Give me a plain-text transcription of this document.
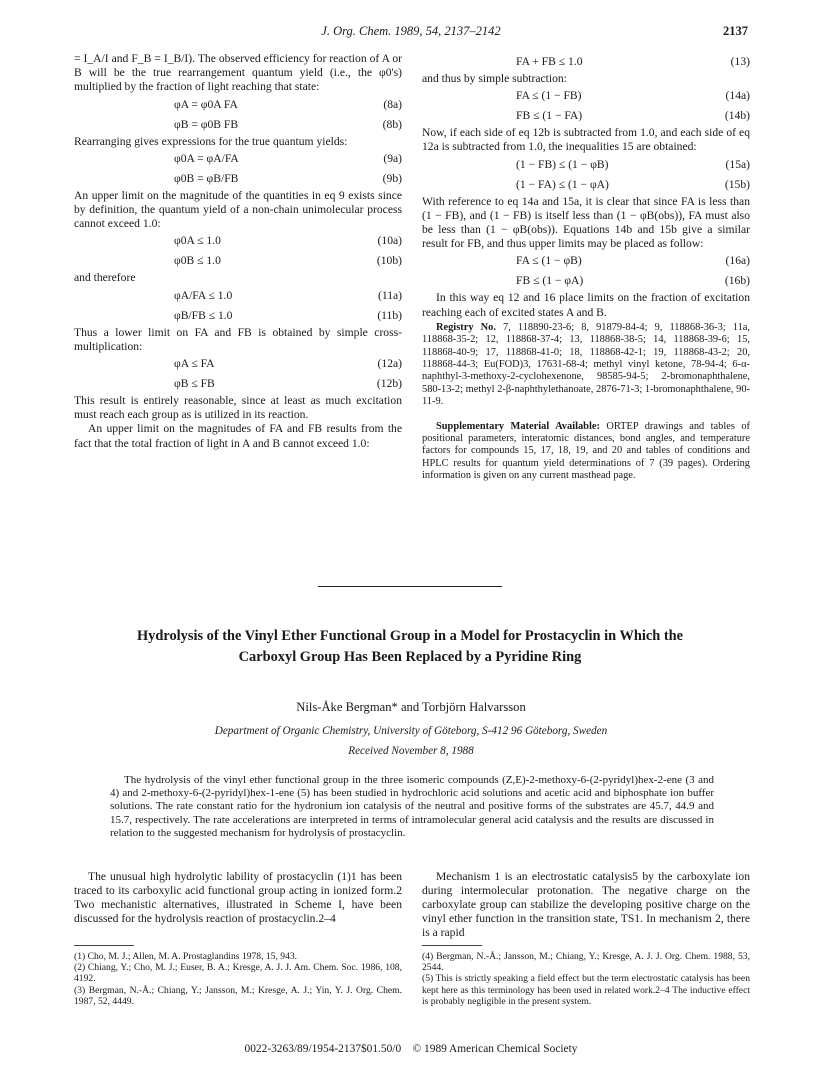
J. Org. Chem. 1989, 54, 2137–2142	2137

= I_A/I and F_B = I_B/I). The observed efficiency for reaction of A or B will be the true rearrangement quantum yield (i.e., the φ0's) multiplied by the fraction of light reaching that state:

φA = φ0A FA	(8a)
φB = φ0B FB	(8b)

Rearranging gives expressions for the true quantum yields:

φ0A = φA/FA	(9a)
φ0B = φB/FB	(9b)

An upper limit on the magnitude of the quantities in eq 9 exists since by definition, the quantum yield of a non-chain unimolecular process cannot exceed 1.0:

φ0A ≤ 1.0	(10a)
φ0B ≤ 1.0	(10b)

and therefore

φA/FA ≤ 1.0	(11a)
φB/FB ≤ 1.0	(11b)

Thus a lower limit on FA and FB is obtained by simple cross-multiplication:

φA ≤ FA	(12a)
φB ≤ FB	(12b)

This result is entirely reasonable, since at least as much excitation must reach each group as is utilized in its reaction.

An upper limit on the magnitudes of FA and FB results from the fact that the total fraction of light in A and B cannot exceed 1.0:

FA + FB ≤ 1.0	(13)

and thus by simple subtraction:

FA ≤ (1 − FB)	(14a)
FB ≤ (1 − FA)	(14b)

Now, if each side of eq 12b is subtracted from 1.0, and each side of eq 12a is subtracted from 1.0, the inequalities 15 are obtained:

(1 − FB) ≤ (1 − φB)	(15a)
(1 − FA) ≤ (1 − φA)	(15b)

With reference to eq 14a and 15a, it is clear that since FA is less than (1 − FB), and (1 − FB) is itself less than (1 − φB(obs)), FA must also be less than (1 − φB(obs)). Equations 14b and 15b give a similar result for FB, and thus upper limits may be placed as follow:

FA ≤ (1 − φB)	(16a)
FB ≤ (1 − φA)	(16b)

In this way eq 12 and 16 place limits on the fraction of excitation reaching each of excited states A and B.

Registry No. 7, 118890-23-6; 8, 91879-84-4; 9, 118868-36-3; 11a, 118868-35-2; 12, 118868-37-4; 13, 118868-38-5; 14, 118868-39-6; 15, 118868-40-9; 17, 118868-41-0; 18, 118868-42-1; 19, 118868-43-2; 20, 118868-44-3; Eu(FOD)3, 17631-68-4; methyl vinyl ketone, 78-94-4; 6-α-naphthyl-3-methoxy-2-cyclohexenone, 98585-94-5; 2-bromonaphthalene, 580-13-2; methyl 2-β-naphthylethanoate, 2876-71-3; 1-bromonaphthalene, 90-11-9.

Supplementary Material Available: ORTEP drawings and tables of positional parameters, interatomic distances, bond angles, and temperature factors for compounds 15, 17, 18, 19, and 20 and tables of conditions and HPLC results for quantum yield determinations of 7 (39 pages). Ordering information is given on any current masthead page.

Hydrolysis of the Vinyl Ether Functional Group in a Model for Prostacyclin in Which the Carboxyl Group Has Been Replaced by a Pyridine Ring
Nils-Åke Bergman* and Torbjörn Halvarsson
Department of Organic Chemistry, University of Göteborg, S-412 96 Göteborg, Sweden
Received November 8, 1988
The hydrolysis of the vinyl ether functional group in the three isomeric compounds (Z,E)-2-methoxy-6-(2-pyridyl)hex-2-ene (3 and 4) and 2-methoxy-6-(2-pyridyl)hex-1-ene (5) has been studied in hydrochloric acid solutions and acetic acid and biphosphate ion buffer solutions. The rate constant ratio for the hydronium ion catalysis of the neutral and positive forms of the substrates are 45.7, 44.9 and 15.7, respectively. The rate accelerations are interpreted in terms of intramolecular general acid catalysis and the results are discussed in relation to the suggested mechanism for hydrolysis of prostacyclin.

The unusual high hydrolytic lability of prostacyclin (1)1 has been traced to its carboxylic acid functional group acting in ionized form.2 Two mechanistic alternatives, illustrated in Scheme I, have been discussed for the hydrolysis reaction of prostacyclin.2–4

Mechanism 1 is an electrostatic catalysis5 by the carboxylate ion during intermolecular protonation. The negative charge on the carboxylate group can stabilize the developing positive charge on the vinyl ether function in the transition state, TS1. In mechanism 2, there is a rapid

(1) Cho, M. J.; Allen, M. A. Prostaglandins 1978, 15, 943.
(2) Chiang, Y.; Cho, M. J.; Euser, B. A.; Kresge, A. J. J. Am. Chem. Soc. 1986, 108, 4192.
(3) Bergman, N.-Å.; Chiang, Y.; Jansson, M.; Kresge, A. J.; Yin, Y. J. Org. Chem. 1987, 52, 4449.
(4) Bergman, N.-Å.; Jansson, M.; Chiang, Y.; Kresge, A. J. J. Org. Chem. 1988, 53, 2544.
(5) This is strictly speaking a field effect but the term electrostatic catalysis has been kept here as this terminology has been used in related work.2–4 The inductive effect is probably negligible in the present system.
0022-3263/89/1954-2137$01.50/0 © 1989 American Chemical Society
